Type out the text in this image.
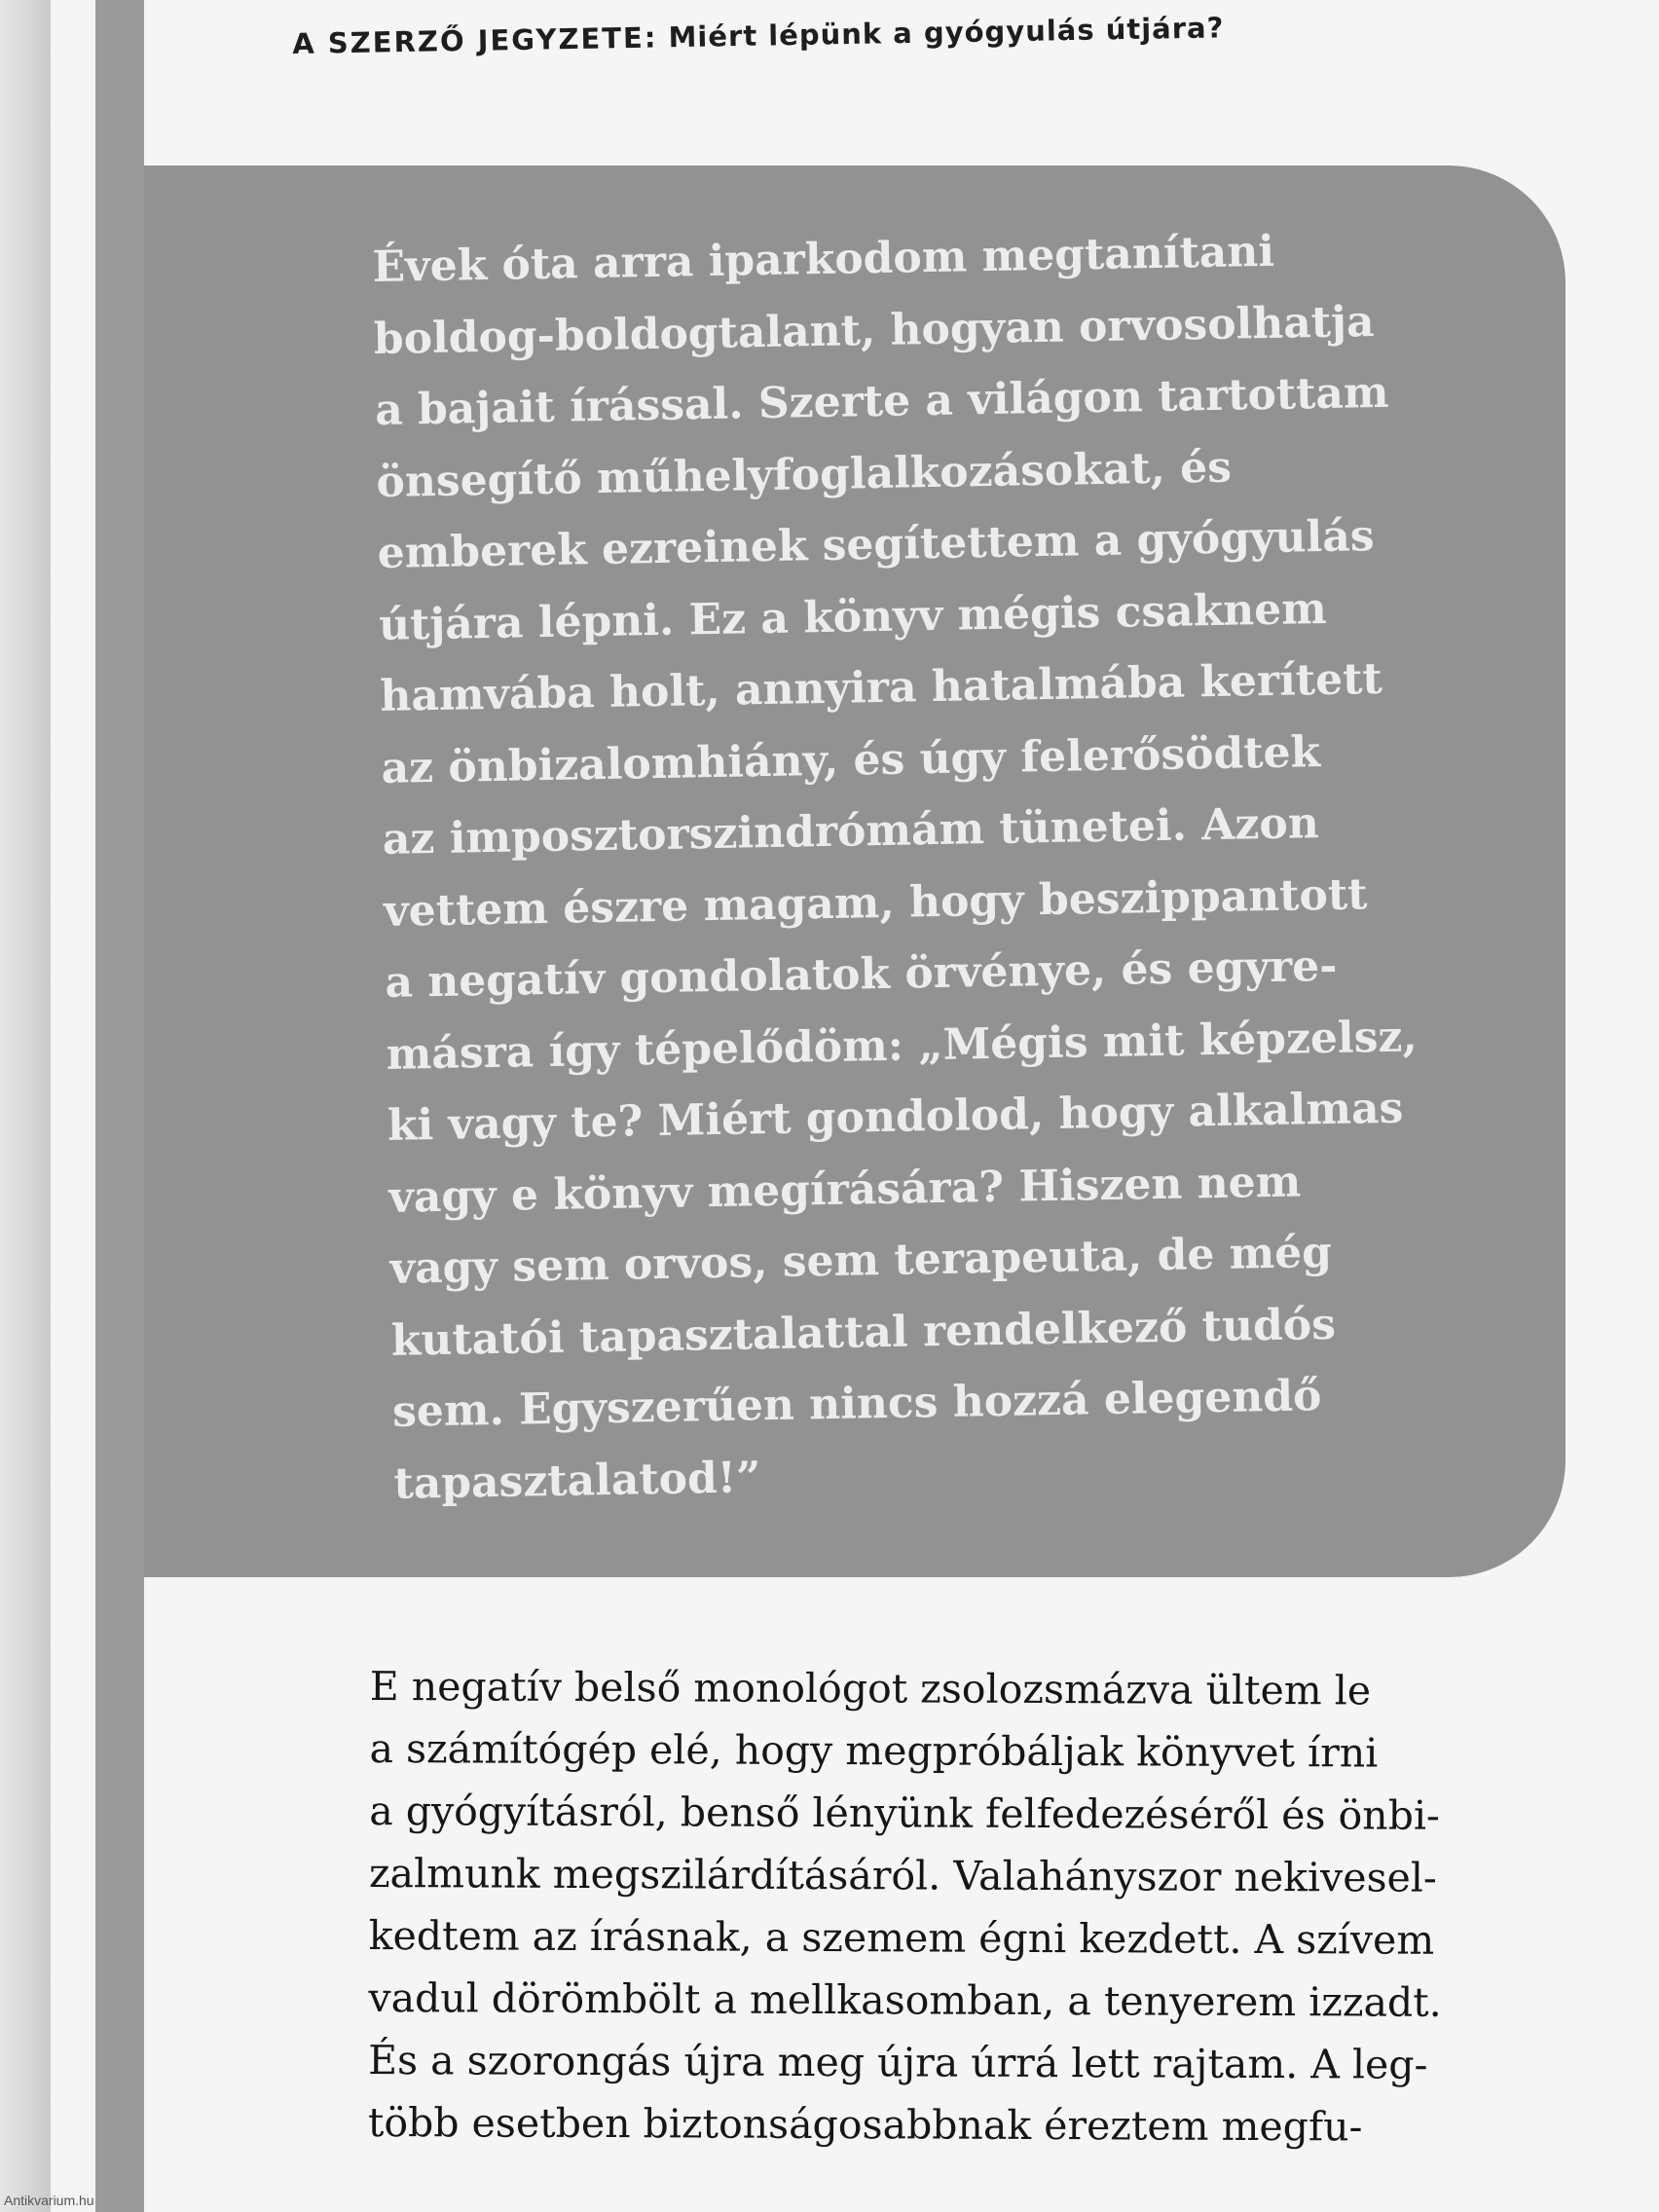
A SZERZŐ JEGYZETE: Miért lépünk a gyógyulás útjára?

Évek óta arra iparkodom megtanítani
boldog-boldogtalant, hogyan orvosolhatja
a bajait írással. Szerte a világon tartottam
önsegítő műhelyfoglalkozásokat, és
emberek ezreinek segítettem a gyógyulás
útjára lépni. Ez a könyv mégis csaknem
hamvába holt, annyira hatalmába kerített
az önbizalomhiány, és úgy felerősödtek
az imposztorszindrómám tünetei. Azon
vettem észre magam, hogy beszippantott
a negatív gondolatok örvénye, és egyre-
másra így tépelődöm: „Mégis mit képzelsz,
ki vagy te? Miért gondolod, hogy alkalmas
vagy e könyv megírására? Hiszen nem
vagy sem orvos, sem terapeuta, de még
kutatói tapasztalattal rendelkező tudós
sem. Egyszerűen nincs hozzá elegendő
tapasztalatod!”

E negatív belső monológot zsolozsmázva ültem le
a számítógép elé, hogy megpróbáljak könyvet írni
a gyógyításról, benső lényünk felfedezéséről és önbi-
zalmunk megszilárdításáról. Valahányszor nekivesel-
kedtem az írásnak, a szemem égni kezdett. A szívem
vadul dörömbölt a mellkasomban, a tenyerem izzadt.
És a szorongás újra meg újra úrrá lett rajtam. A leg-
több esetben biztonságosabbnak éreztem megfu-

Antikvarium.hu
